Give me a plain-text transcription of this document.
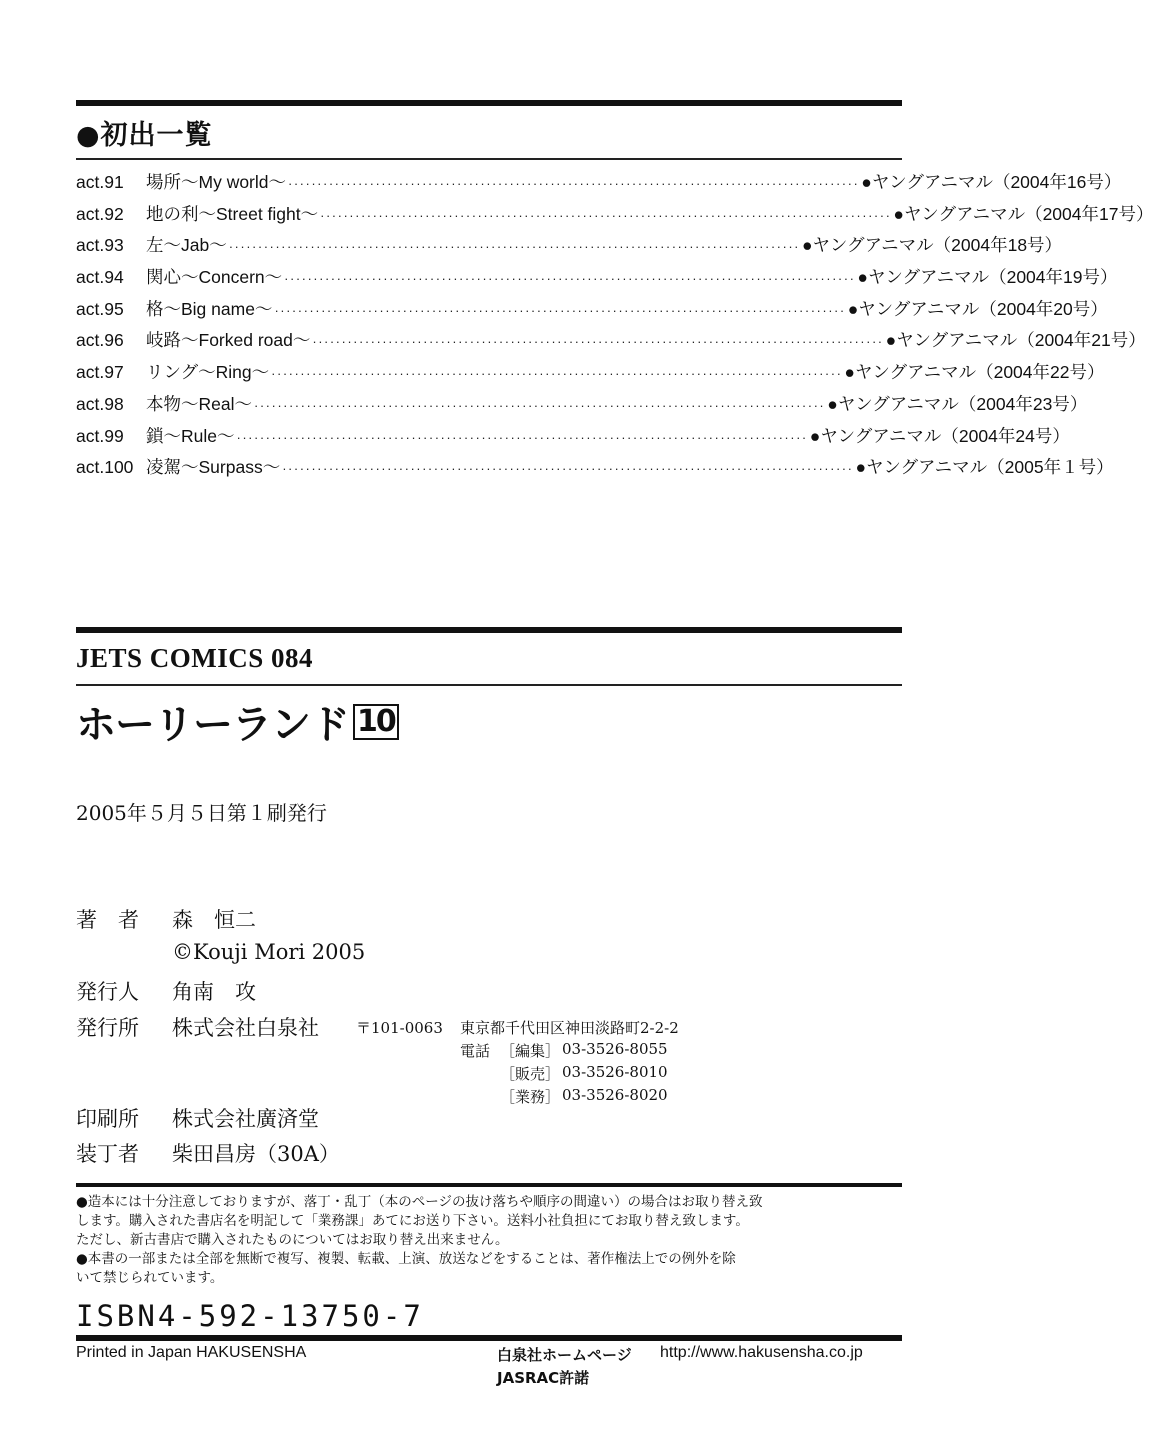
●初出一覧
act.91	場所〜My world〜 ·································································································· ●ヤングアニマル（2004年16号）
act.92	地の利〜Street fight〜 ·································································································· ●ヤングアニマル（2004年17号）
act.93	左〜Jab〜 ·································································································· ●ヤングアニマル（2004年18号）
act.94	関心〜Concern〜 ·································································································· ●ヤングアニマル（2004年19号）
act.95	格〜Big name〜 ·································································································· ●ヤングアニマル（2004年20号）
act.96	岐路〜Forked road〜 ·································································································· ●ヤングアニマル（2004年21号）
act.97	リング〜Ring〜 ·································································································· ●ヤングアニマル（2004年22号）
act.98	本物〜Real〜 ·································································································· ●ヤングアニマル（2004年23号）
act.99	鎖〜Rule〜 ·································································································· ●ヤングアニマル（2004年24号）
act.100 凌駕〜Surpass〜 ·································································································· ●ヤングアニマル（2005年１号）
JETS COMICS 084
ホーリーランド 10
2005年５月５日第１刷発行
著　者 森　恒二
©Kouji Mori 2005
発行人 角南　攻
発行所 株式会社白泉社 〒101-0063 東京都千代田区神田淡路町2-2-2
電話 ［編集］ 03-3526-8055
［販売］ 03-3526-8010
［業務］ 03-3526-8020
印刷所 株式会社廣済堂
装丁者 柴田昌房（30A）

●造本には十分注意しておりますが、落丁・乱丁（本のページの抜け落ちや順序の間違い）の場合はお取り替え致

します。購入された書店名を明記して「業務課」あてにお送り下さい。送料小社負担にてお取り替え致します。

ただし、新古書店で購入されたものについてはお取り替え出来ません。

●本書の一部または全部を無断で複写、複製、転載、上演、放送などをすることは、著作権法上での例外を除

いて禁じられています。

ISBN4-592-13750-7
Printed in Japan HAKUSENSHA	白泉社ホームページ http://www.hakusensha.co.jp
JASRAC許諾
